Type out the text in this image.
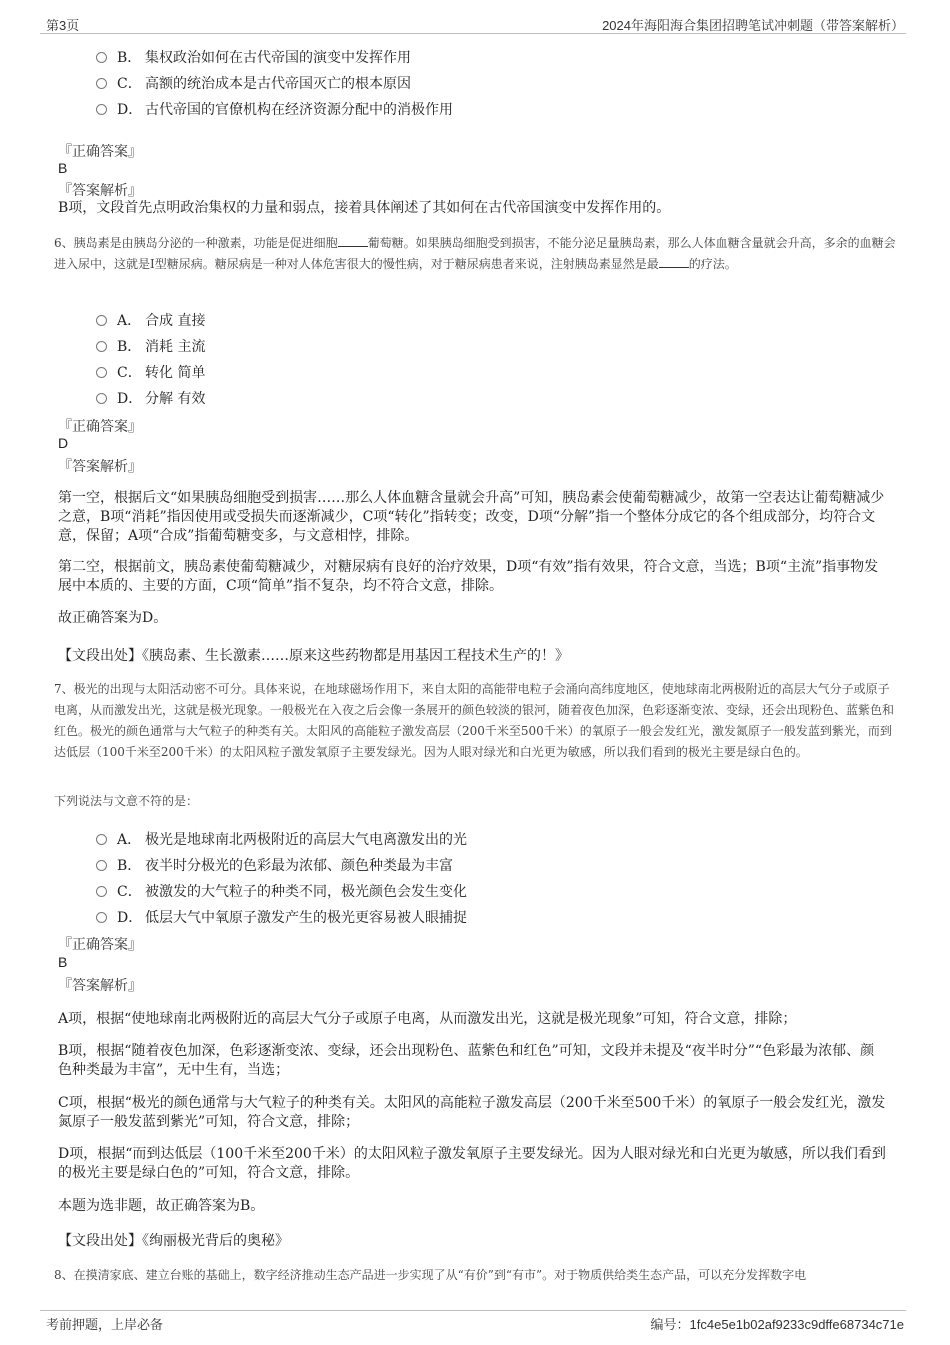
第3页	2024年海阳海合集团招聘笔试冲刺题（带答案解析）
B． 集权政治如何在古代帝国的演变中发挥作用
C． 高额的统治成本是古代帝国灭亡的根本原因
D． 古代帝国的官僚机构在经济资源分配中的消极作用
『正确答案』
B
『答案解析』
B项，文段首先点明政治集权的力量和弱点，接着具体阐述了其如何在古代帝国演变中发挥作用的。
6、胰岛素是由胰岛分泌的一种激素，功能是促进细胞	葡萄糖。如果胰岛细胞受到损害，不能分泌足量胰岛素，那么人体血糖含量就会升高，多余的血糖会进入尿中，这就是Ⅰ型糖尿病。糖尿病是一种对人体危害很大的慢性病，对于糖尿病患者来说，注射胰岛素显然是最	的疗法。
A． 合成 直接
B． 消耗 主流
C． 转化 简单
D． 分解 有效
『正确答案』
D
『答案解析』
第一空，根据后文“如果胰岛细胞受到损害……那么人体血糖含量就会升高”可知，胰岛素会使葡萄糖减少，故第一空表达让葡萄糖减少之意，B项“消耗”指因使用或受损失而逐渐减少，C项“转化”指转变；改变，D项“分解”指一个整体分成它的各个组成部分，均符合文意，保留；A项“合成”指葡萄糖变多，与文意相悖，排除。
第二空，根据前文，胰岛素使葡萄糖减少，对糖尿病有良好的治疗效果，D项“有效”指有效果，符合文意，当选；B项“主流”指事物发展中本质的、主要的方面，C项“简单”指不复杂，均不符合文意，排除。
故正确答案为D。
【文段出处】《胰岛素、生长激素……原来这些药物都是用基因工程技术生产的！》
7、极光的出现与太阳活动密不可分。具体来说，在地球磁场作用下，来自太阳的高能带电粒子会涌向高纬度地区，使地球南北两极附近的高层大气分子或原子电离，从而激发出光，这就是极光现象。一般极光在入夜之后会像一条展开的颜色较淡的银河，随着夜色加深，色彩逐渐变浓、变绿，还会出现粉色、蓝紫色和红色。极光的颜色通常与大气粒子的种类有关。太阳风的高能粒子激发高层（200千米至500千米）的氧原子一般会发红光，激发氮原子一般发蓝到紫光，而到达低层（100千米至200千米）的太阳风粒子激发氧原子主要发绿光。因为人眼对绿光和白光更为敏感，所以我们看到的极光主要是绿白色的。
下列说法与文意不符的是：
A． 极光是地球南北两极附近的高层大气电离激发出的光
B． 夜半时分极光的色彩最为浓郁、颜色种类最为丰富
C． 被激发的大气粒子的种类不同，极光颜色会发生变化
D． 低层大气中氧原子激发产生的极光更容易被人眼捕捉
『正确答案』
B
『答案解析』
A项，根据“使地球南北两极附近的高层大气分子或原子电离，从而激发出光，这就是极光现象”可知，符合文意，排除；
B项，根据“随着夜色加深，色彩逐渐变浓、变绿，还会出现粉色、蓝紫色和红色”可知，文段并未提及“夜半时分”“色彩最为浓郁、颜色种类最为丰富”，无中生有，当选；
C项，根据“极光的颜色通常与大气粒子的种类有关。太阳风的高能粒子激发高层（200千米至500千米）的氧原子一般会发红光，激发氮原子一般发蓝到紫光”可知，符合文意，排除；
D项，根据“而到达低层（100千米至200千米）的太阳风粒子激发氧原子主要发绿光。因为人眼对绿光和白光更为敏感，所以我们看到的极光主要是绿白色的”可知，符合文意，排除。
本题为选非题，故正确答案为B。
【文段出处】《绚丽极光背后的奥秘》
8、在摸清家底、建立台账的基础上，数字经济推动生态产品进一步实现了从“有价”到“有市”。对于物质供给类生态产品，可以充分发挥数字电
考前押题，上岸必备	编号：1fc4e5e1b02af9233c9dffe68734c71e
